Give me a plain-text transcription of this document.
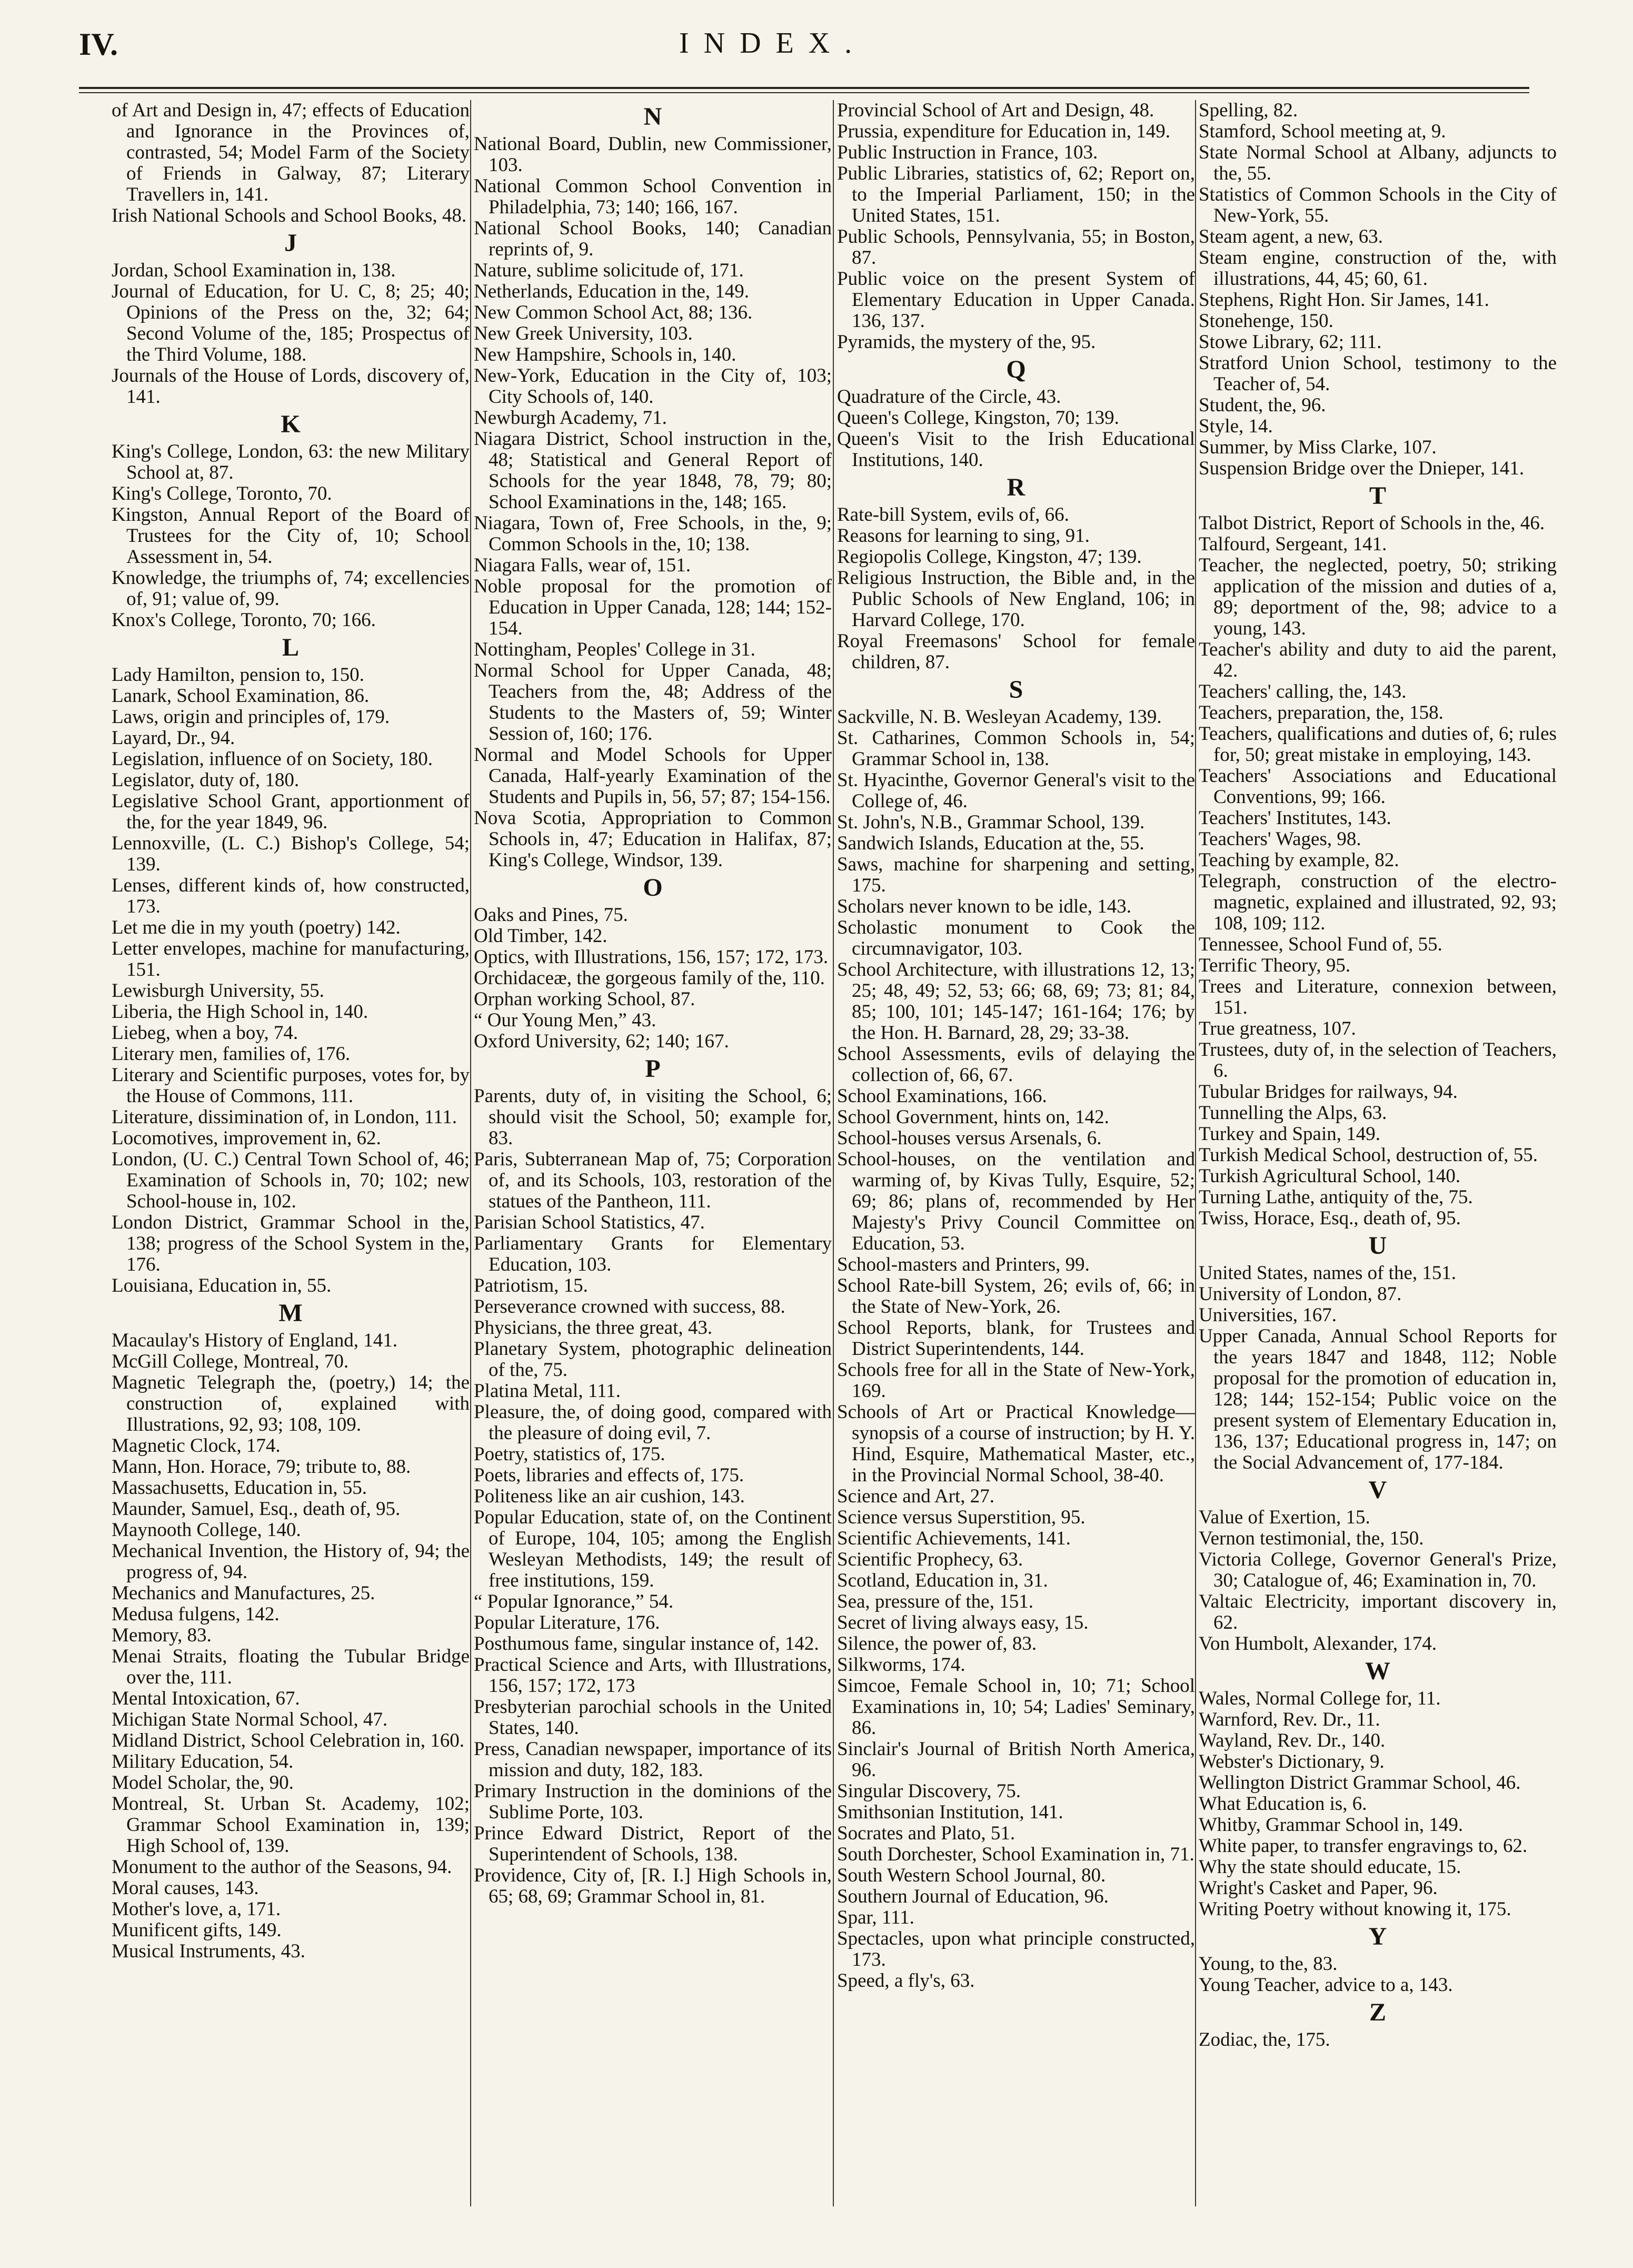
IV.	INDEX.
of Art and Design in, 47; effects of Education and Ignorance in the Provinces of, contrasted, 54; Model Farm of the Society of Friends in Galway, 87; Literary Travellers in, 141.
Irish National Schools and School Books, 48.
J
Jordan, School Examination in, 138.
Journal of Education, for U. C, 8; 25; 40; Opinions of the Press on the, 32; 64; Second Volume of the, 185; Prospectus of the Third Volume, 188.
Journals of the House of Lords, discovery of, 141.
K
King's College, London, 63: the new Military School at, 87.
King's College, Toronto, 70.
Kingston, Annual Report of the Board of Trustees for the City of, 10; School Assessment in, 54.
Knowledge, the triumphs of, 74; excellencies of, 91; value of, 99.
Knox's College, Toronto, 70; 166.
L
Lady Hamilton, pension to, 150.
Lanark, School Examination, 86.
Laws, origin and principles of, 179.
Layard, Dr., 94.
Legislation, influence of on Society, 180.
Legislator, duty of, 180.
Legislative School Grant, apportionment of the, for the year 1849, 96.
Lennoxville, (L. C.) Bishop's College, 54; 139.
Lenses, different kinds of, how constructed, 173.
Let me die in my youth (poetry) 142.
Letter envelopes, machine for manufacturing, 151.
Lewisburgh University, 55.
Liberia, the High School in, 140.
Liebeg, when a boy, 74.
Literary men, families of, 176.
Literary and Scientific purposes, votes for, by the House of Commons, 111.
Literature, dissimination of, in London, 111.
Locomotives, improvement in, 62.
London, (U. C.) Central Town School of, 46; Examination of Schools in, 70; 102; new School-house in, 102.
London District, Grammar School in the, 138; progress of the School System in the, 176.
Louisiana, Education in, 55.
M
Macaulay's History of England, 141.
McGill College, Montreal, 70.
Magnetic Telegraph the, (poetry,) 14; the construction of, explained with Illustrations, 92, 93; 108, 109.
Magnetic Clock, 174.
Mann, Hon. Horace, 79; tribute to, 88.
Massachusetts, Education in, 55.
Maunder, Samuel, Esq., death of, 95.
Maynooth College, 140.
Mechanical Invention, the History of, 94; the progress of, 94.
Mechanics and Manufactures, 25.
Medusa fulgens, 142.
Memory, 83.
Menai Straits, floating the Tubular Bridge over the, 111.
Mental Intoxication, 67.
Michigan State Normal School, 47.
Midland District, School Celebration in, 160.
Military Education, 54.
Model Scholar, the, 90.
Montreal, St. Urban St. Academy, 102; Grammar School Examination in, 139; High School of, 139.
Monument to the author of the Seasons, 94.
Moral causes, 143.
Mother's love, a, 171.
Munificent gifts, 149.
Musical Instruments, 43.
N
National Board, Dublin, new Commissioner, 103.
National Common School Convention in Philadelphia, 73; 140; 166, 167.
National School Books, 140; Canadian reprints of, 9.
Nature, sublime solicitude of, 171.
Netherlands, Education in the, 149.
New Common School Act, 88; 136.
New Greek University, 103.
New Hampshire, Schools in, 140.
New-York, Education in the City of, 103; City Schools of, 140.
Newburgh Academy, 71.
Niagara District, School instruction in the, 48; Statistical and General Report of Schools for the year 1848, 78, 79; 80; School Examinations in the, 148; 165.
Niagara, Town of, Free Schools, in the, 9; Common Schools in the, 10; 138.
Niagara Falls, wear of, 151.
Noble proposal for the promotion of Education in Upper Canada, 128; 144; 152-154.
Nottingham, Peoples' College in 31.
Normal School for Upper Canada, 48; Teachers from the, 48; Address of the Students to the Masters of, 59; Winter Session of, 160; 176.
Normal and Model Schools for Upper Canada, Half-yearly Examination of the Students and Pupils in, 56, 57; 87; 154-156.
Nova Scotia, Appropriation to Common Schools in, 47; Education in Halifax, 87; King's College, Windsor, 139.
O
Oaks and Pines, 75.
Old Timber, 142.
Optics, with Illustrations, 156, 157; 172, 173.
Orchidaceæ, the gorgeous family of the, 110.
Orphan working School, 87.
“ Our Young Men,” 43.
Oxford University, 62; 140; 167.
P
Parents, duty of, in visiting the School, 6; should visit the School, 50; example for, 83.
Paris, Subterranean Map of, 75; Corporation of, and its Schools, 103, restoration of the statues of the Pantheon, 111.
Parisian School Statistics, 47.
Parliamentary Grants for Elementary Education, 103.
Patriotism, 15.
Perseverance crowned with success, 88.
Physicians, the three great, 43.
Planetary System, photographic delineation of the, 75.
Platina Metal, 111.
Pleasure, the, of doing good, compared with the pleasure of doing evil, 7.
Poetry, statistics of, 175.
Poets, libraries and effects of, 175.
Politeness like an air cushion, 143.
Popular Education, state of, on the Continent of Europe, 104, 105; among the English Wesleyan Methodists, 149; the result of free institutions, 159.
“ Popular Ignorance,” 54.
Popular Literature, 176.
Posthumous fame, singular instance of, 142.
Practical Science and Arts, with Illustrations, 156, 157; 172, 173
Presbyterian parochial schools in the United States, 140.
Press, Canadian newspaper, importance of its mission and duty, 182, 183.
Primary Instruction in the dominions of the Sublime Porte, 103.
Prince Edward District, Report of the Superintendent of Schools, 138.
Providence, City of, [R. I.] High Schools in, 65; 68, 69; Grammar School in, 81.
Provincial School of Art and Design, 48.
Prussia, expenditure for Education in, 149.
Public Instruction in France, 103.
Public Libraries, statistics of, 62; Report on, to the Imperial Parliament, 150; in the United States, 151.
Public Schools, Pennsylvania, 55; in Boston, 87.
Public voice on the present System of Elementary Education in Upper Canada. 136, 137.
Pyramids, the mystery of the, 95.
Q
Quadrature of the Circle, 43.
Queen's College, Kingston, 70; 139.
Queen's Visit to the Irish Educational Institutions, 140.
R
Rate-bill System, evils of, 66.
Reasons for learning to sing, 91.
Regiopolis College, Kingston, 47; 139.
Religious Instruction, the Bible and, in the Public Schools of New England, 106; in Harvard College, 170.
Royal Freemasons' School for female children, 87.
S
Sackville, N. B. Wesleyan Academy, 139.
St. Catharines, Common Schools in, 54; Grammar School in, 138.
St. Hyacinthe, Governor General's visit to the College of, 46.
St. John's, N.B., Grammar School, 139.
Sandwich Islands, Education at the, 55.
Saws, machine for sharpening and setting, 175.
Scholars never known to be idle, 143.
Scholastic monument to Cook the circumnavigator, 103.
School Architecture, with illustrations 12, 13; 25; 48, 49; 52, 53; 66; 68, 69; 73; 81; 84, 85; 100, 101; 145-147; 161-164; 176; by the Hon. H. Barnard, 28, 29; 33-38.
School Assessments, evils of delaying the collection of, 66, 67.
School Examinations, 166.
School Government, hints on, 142.
School-houses versus Arsenals, 6.
School-houses, on the ventilation and warming of, by Kivas Tully, Esquire, 52; 69; 86; plans of, recommended by Her Majesty's Privy Council Committee on Education, 53.
School-masters and Printers, 99.
School Rate-bill System, 26; evils of, 66; in the State of New-York, 26.
School Reports, blank, for Trustees and District Superintendents, 144.
Schools free for all in the State of New-York, 169.
Schools of Art or Practical Knowledge—synopsis of a course of instruction; by H. Y. Hind, Esquire, Mathematical Master, etc., in the Provincial Normal School, 38-40.
Science and Art, 27.
Science versus Superstition, 95.
Scientific Achievements, 141.
Scientific Prophecy, 63.
Scotland, Education in, 31.
Sea, pressure of the, 151.
Secret of living always easy, 15.
Silence, the power of, 83.
Silkworms, 174.
Simcoe, Female School in, 10; 71; School Examinations in, 10; 54; Ladies' Seminary, 86.
Sinclair's Journal of British North America, 96.
Singular Discovery, 75.
Smithsonian Institution, 141.
Socrates and Plato, 51.
South Dorchester, School Examination in, 71.
South Western School Journal, 80.
Southern Journal of Education, 96.
Spar, 111.
Spectacles, upon what principle constructed, 173.
Speed, a fly's, 63.
Spelling, 82.
Stamford, School meeting at, 9.
State Normal School at Albany, adjuncts to the, 55.
Statistics of Common Schools in the City of New-York, 55.
Steam agent, a new, 63.
Steam engine, construction of the, with illustrations, 44, 45; 60, 61.
Stephens, Right Hon. Sir James, 141.
Stonehenge, 150.
Stowe Library, 62; 111.
Stratford Union School, testimony to the Teacher of, 54.
Student, the, 96.
Style, 14.
Summer, by Miss Clarke, 107.
Suspension Bridge over the Dnieper, 141.
T
Talbot District, Report of Schools in the, 46.
Talfourd, Sergeant, 141.
Teacher, the neglected, poetry, 50; striking application of the mission and duties of a, 89; deportment of the, 98; advice to a young, 143.
Teacher's ability and duty to aid the parent, 42.
Teachers' calling, the, 143.
Teachers, preparation, the, 158.
Teachers, qualifications and duties of, 6; rules for, 50; great mistake in employing, 143.
Teachers' Associations and Educational Conventions, 99; 166.
Teachers' Institutes, 143.
Teachers' Wages, 98.
Teaching by example, 82.
Telegraph, construction of the electro-magnetic, explained and illustrated, 92, 93; 108, 109; 112.
Tennessee, School Fund of, 55.
Terrific Theory, 95.
Trees and Literature, connexion between, 151.
True greatness, 107.
Trustees, duty of, in the selection of Teachers, 6.
Tubular Bridges for railways, 94.
Tunnelling the Alps, 63.
Turkey and Spain, 149.
Turkish Medical School, destruction of, 55.
Turkish Agricultural School, 140.
Turning Lathe, antiquity of the, 75.
Twiss, Horace, Esq., death of, 95.
U
United States, names of the, 151.
University of London, 87.
Universities, 167.
Upper Canada, Annual School Reports for the years 1847 and 1848, 112; Noble proposal for the promotion of education in, 128; 144; 152-154; Public voice on the present system of Elementary Education in, 136, 137; Educational progress in, 147; on the Social Advancement of, 177-184.
V
Value of Exertion, 15.
Vernon testimonial, the, 150.
Victoria College, Governor General's Prize, 30; Catalogue of, 46; Examination in, 70.
Valtaic Electricity, important discovery in, 62.
Von Humbolt, Alexander, 174.
W
Wales, Normal College for, 11.
Warnford, Rev. Dr., 11.
Wayland, Rev. Dr., 140.
Webster's Dictionary, 9.
Wellington District Grammar School, 46.
What Education is, 6.
Whitby, Grammar School in, 149.
White paper, to transfer engravings to, 62.
Why the state should educate, 15.
Wright's Casket and Paper, 96.
Writing Poetry without knowing it, 175.
Y
Young, to the, 83.
Young Teacher, advice to a, 143.
Z
Zodiac, the, 175.
